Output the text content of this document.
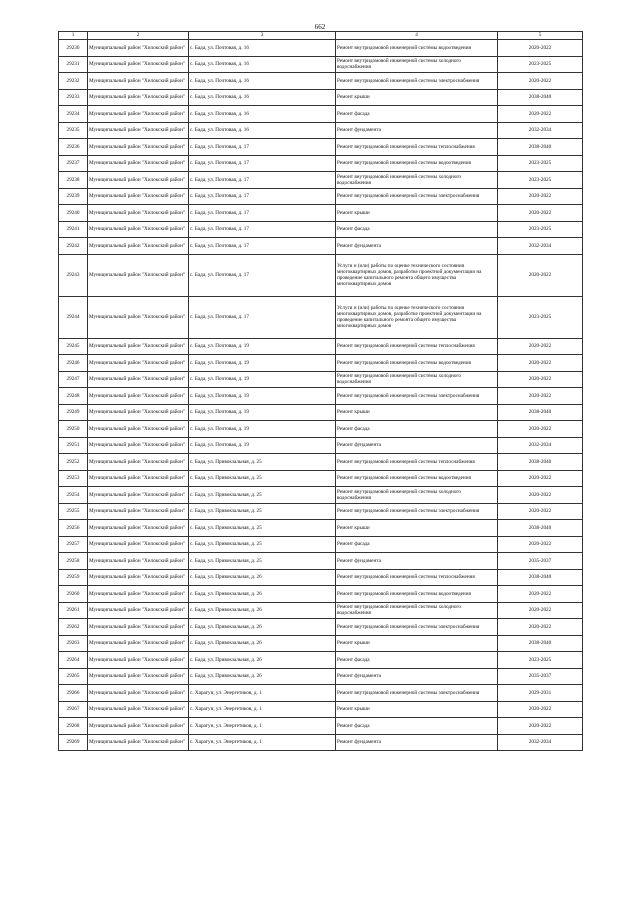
662
1	2	3	4	5
29230	Муниципальный район "Хилокский район"	с. Бада, ул. Почтовая, д. 16	Ремонт внутридомовой инженерной системы водоотведения	2020-2022
29231	Муниципальный район "Хилокский район"	с. Бада, ул. Почтовая, д. 16	Ремонт внутридомовой инженерной системы холодного водоснабжения	2023-2025
29232	Муниципальный район "Хилокский район"	с. Бада, ул. Почтовая, д. 16	Ремонт внутридомовой инженерной системы электроснабжения	2020-2022
29233	Муниципальный район "Хилокский район"	с. Бада, ул. Почтовая, д. 16	Ремонт крыши	2038-2040
29234	Муниципальный район "Хилокский район"	с. Бада, ул. Почтовая, д. 16	Ремонт фасада	2020-2022
29235	Муниципальный район "Хилокский район"	с. Бада, ул. Почтовая, д. 16	Ремонт фундамента	2032-2034
29236	Муниципальный район "Хилокский район"	с. Бада, ул. Почтовая, д. 17	Ремонт внутридомовой инженерной системы теплоснабжения	2038-2040
29237	Муниципальный район "Хилокский район"	с. Бада, ул. Почтовая, д. 17	Ремонт внутридомовой инженерной системы водоотведения	2023-2025
29238	Муниципальный район "Хилокский район"	с. Бада, ул. Почтовая, д. 17	Ремонт внутридомовой инженерной системы холодного водоснабжения	2023-2025
29239	Муниципальный район "Хилокский район"	с. Бада, ул. Почтовая, д. 17	Ремонт внутридомовой инженерной системы электроснабжения	2020-2022
29240	Муниципальный район "Хилокский район"	с. Бада, ул. Почтовая, д. 17	Ремонт крыши	2020-2022
29241	Муниципальный район "Хилокский район"	с. Бада, ул. Почтовая, д. 17	Ремонт фасада	2023-2025
29242	Муниципальный район "Хилокский район"	с. Бада, ул. Почтовая, д. 17	Ремонт фундамента	2032-2034
29243	Муниципальный район "Хилокский район"	с. Бада, ул. Почтовая, д. 17	Услуги и (или) работы по оценке технического состояния многоквартирных домов, разработке проектной документации на проведение капитального ремонта общего имущества многоквартирных домов	2020-2022
29244	Муниципальный район "Хилокский район"	с. Бада, ул. Почтовая, д. 17	Услуги и (или) работы по оценке технического состояния многоквартирных домов, разработке проектной документации на проведение капитального ремонта общего имущества многоквартирных домов	2023-2025
29245	Муниципальный район "Хилокский район"	с. Бада, ул. Почтовая, д. 19	Ремонт внутридомовой инженерной системы теплоснабжения	2020-2022
29246	Муниципальный район "Хилокский район"	с. Бада, ул. Почтовая, д. 19	Ремонт внутридомовой инженерной системы водоотведения	2020-2022
29247	Муниципальный район "Хилокский район"	с. Бада, ул. Почтовая, д. 19	Ремонт внутридомовой инженерной системы холодного водоснабжения	2020-2022
29248	Муниципальный район "Хилокский район"	с. Бада, ул. Почтовая, д. 19	Ремонт внутридомовой инженерной системы электроснабжения	2020-2022
29249	Муниципальный район "Хилокский район"	с. Бада, ул. Почтовая, д. 19	Ремонт крыши	2038-2040
29250	Муниципальный район "Хилокский район"	с. Бада, ул. Почтовая, д. 19	Ремонт фасада	2020-2022
29251	Муниципальный район "Хилокский район"	с. Бада, ул. Почтовая, д. 19	Ремонт фундамента	2032-2034
29252	Муниципальный район "Хилокский район"	с. Бада, ул. Привокзальная, д. 25	Ремонт внутридомовой инженерной системы теплоснабжения	2038-2040
29253	Муниципальный район "Хилокский район"	с. Бада, ул. Привокзальная, д. 25	Ремонт внутридомовой инженерной системы водоотведения	2020-2022
29254	Муниципальный район "Хилокский район"	с. Бада, ул. Привокзальная, д. 25	Ремонт внутридомовой инженерной системы холодного водоснабжения	2020-2022
29255	Муниципальный район "Хилокский район"	с. Бада, ул. Привокзальная, д. 25	Ремонт внутридомовой инженерной системы электроснабжения	2020-2022
29256	Муниципальный район "Хилокский район"	с. Бада, ул. Привокзальная, д. 25	Ремонт крыши	2038-2040
29257	Муниципальный район "Хилокский район"	с. Бада, ул. Привокзальная, д. 25	Ремонт фасада	2020-2022
29258	Муниципальный район "Хилокский район"	с. Бада, ул. Привокзальная, д. 25	Ремонт фундамента	2035-2037
29259	Муниципальный район "Хилокский район"	с. Бада, ул. Привокзальная, д. 26	Ремонт внутридомовой инженерной системы теплоснабжения	2038-2040
29260	Муниципальный район "Хилокский район"	с. Бада, ул. Привокзальная, д. 26	Ремонт внутридомовой инженерной системы водоотведения	2020-2022
29261	Муниципальный район "Хилокский район"	с. Бада, ул. Привокзальная, д. 26	Ремонт внутридомовой инженерной системы холодного водоснабжения	2020-2022
29262	Муниципальный район "Хилокский район"	с. Бада, ул. Привокзальная, д. 26	Ремонт внутридомовой инженерной системы электроснабжения	2020-2022
29263	Муниципальный район "Хилокский район"	с. Бада, ул. Привокзальная, д. 26	Ремонт крыши	2038-2040
29264	Муниципальный район "Хилокский район"	с. Бада, ул. Привокзальная, д. 26	Ремонт фасада	2023-2025
29265	Муниципальный район "Хилокский район"	с. Бада, ул. Привокзальная, д. 26	Ремонт фундамента	2035-2037
29266	Муниципальный район "Хилокский район"	с. Харагун, ул. Энергетиков, д. 1	Ремонт внутридомовой инженерной системы электроснабжения	2029-2031
29267	Муниципальный район "Хилокский район"	с. Харагун, ул. Энергетиков, д. 1	Ремонт крыши	2020-2022
29268	Муниципальный район "Хилокский район"	с. Харагун, ул. Энергетиков, д. 1	Ремонт фасада	2020-2022
29269	Муниципальный район "Хилокский район"	с. Харагун, ул. Энергетиков, д. 1	Ремонт фундамента	2032-2034
